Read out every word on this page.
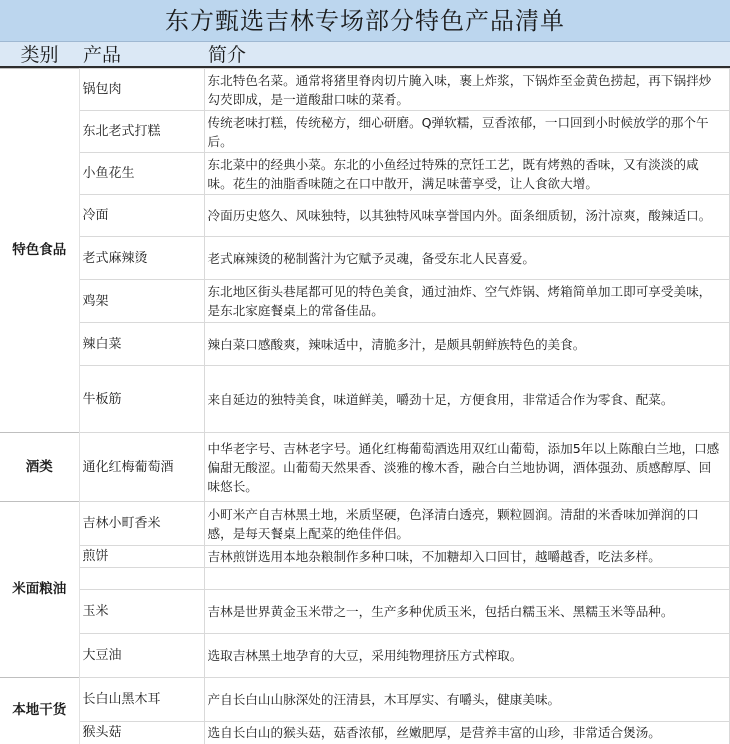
东方甄选吉林专场部分特色产品清单
类别	产品	简介
特色食品	锅包肉	东北特色名菜。通常将猪里脊肉切片腌入味，裹上炸浆，下锅炸至金黄色捞起，再下锅拌炒勾芡即成，是一道酸甜口味的菜肴。
	东北老式打糕	传统老味打糕，传统秘方，细心研磨。Q弹软糯，豆香浓郁，一口回到小时候放学的那个午后。
	小鱼花生	东北菜中的经典小菜。东北的小鱼经过特殊的烹饪工艺，既有烤熟的香味，又有淡淡的咸味。花生的油脂香味随之在口中散开，满足味蕾享受，让人食欲大增。
	冷面	冷面历史悠久、风味独特，以其独特风味享誉国内外。面条细质韧，汤汁凉爽，酸辣适口。
	老式麻辣烫	老式麻辣烫的秘制酱汁为它赋予灵魂，备受东北人民喜爱。
	鸡架	东北地区街头巷尾都可见的特色美食，通过油炸、空气炸锅、烤箱简单加工即可享受美味，是东北家庭餐桌上的常备佳品。
	辣白菜	辣白菜口感酸爽，辣味适中，清脆多汁，是颇具朝鲜族特色的美食。
	牛板筋	来自延边的独特美食，味道鲜美，嚼劲十足，方便食用，非常适合作为零食、配菜。
酒类	通化红梅葡萄酒	中华老字号、吉林老字号。通化红梅葡萄酒选用双红山葡萄，添加5年以上陈酿白兰地，口感偏甜无酸涩。山葡萄天然果香、淡雅的橡木香，融合白兰地协调，酒体强劲、质感醇厚、回味悠长。
米面粮油	吉林小町香米	小町米产自吉林黑土地，米质坚硬，色泽清白透亮，颗粒圆润。清甜的米香味加弹润的口感，是每天餐桌上配菜的绝佳伴侣。
	煎饼	吉林煎饼选用本地杂粮制作多种口味，不加糖却入口回甘，越嚼越香，吃法多样。

	玉米	吉林是世界黄金玉米带之一，生产多种优质玉米，包括白糯玉米、黑糯玉米等品种。
	大豆油	选取吉林黑土地孕育的大豆，采用纯物理挤压方式榨取。
本地干货	长白山黑木耳	产自长白山山脉深处的汪清县，木耳厚实、有嚼头，健康美味。
	猴头菇	选自长白山的猴头菇，菇香浓郁，丝嫩肥厚，是营养丰富的山珍，非常适合煲汤。
